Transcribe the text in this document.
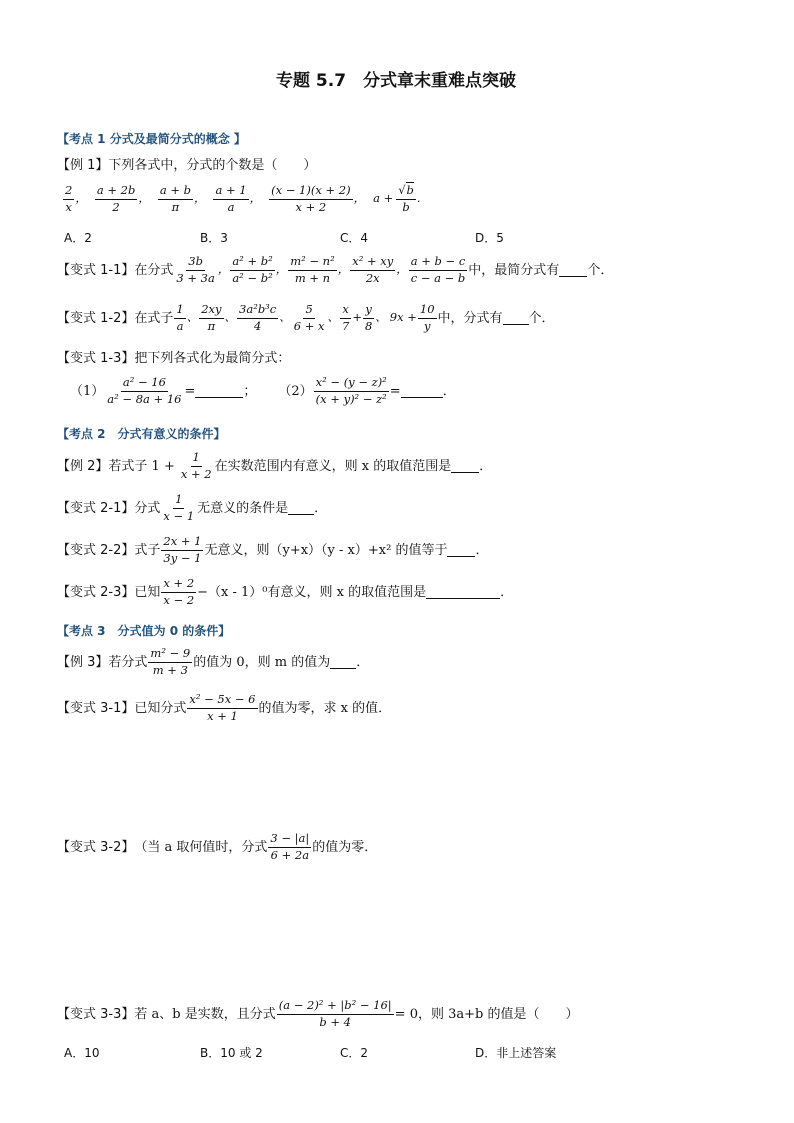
专题 5.7　分式章末重难点突破
【考点 1 分式及最简分式的概念 】
【例 1】下列各式中，分式的个数是（　　）
$\frac{2}{x}$ ， $\frac{a + 2b}{2}$ ， $\frac{a + b}{\pi}$ ， $\frac{a + 1}{a}$ ， $\frac{(x - 1)(x + 2)}{x + 2}$ ， $a + \frac{√b}{b}$ .
A．2	B．3	C．4	D．5
【变式 1-1】 在分式 $\frac{3b}{3 + 3a}$ ， $\frac{\text{a² + b²}}{\text{a² − b²}}$ ， $\frac{\text{m² − n²}}{m + n}$ ， $\frac{\text{x² + xy}}{2x}$ ， $\frac{a + b - c}{c - a - b}$ 中，最简分式有 个．
【变式 1-2】 在式子 $\frac{1}{a}$ 、 $\frac{2xy}{\pi}$ 、 $\frac{\text{3a²b³c}}{4}$ 、 $\frac{5}{6 + x}$ 、 $\frac{x}{7} + \frac{y}{8}$ 、 $9x + \frac{10}{y}$ 中，分式有 个．
【变式 1-3】把下列各式化为最简分式：
$(1) \frac{\text{a² − 16}}{\text{a² − 8a + 16}}$ =	； $(2) \frac{\text{x² − (y − z)²}}{\text{(x + y)² − z²}}$ =	．
【考点 2　分式有意义的条件】
【例 2】 若式子 $1 + \frac{1}{x + 2}$ 在实数范围内有意义，则 x 的取值范围是 ．
【变式 2-1】 分式 $\frac{1}{x - 1}$ 无意义的条件是 ．
【变式 2-2】 式子 $\frac{2x + 1}{3y - 1}$ 无意义，则（y+x）（y - x）+x² 的值等于 ．
【变式 2-3】 已知 $\frac{x + 2}{x - 2} -(x - 1)^0$有意义，则 x 的取值范围是	．
【考点 3　分式值为 0 的条件】
【例 3】 若分式 $\frac{\text{m² − 9}}{m + 3}$ 的值为 0，则 m 的值为 ．
【变式 3-1】 已知分式 $\frac{\text{x² − 5x − 6}}{x + 1}$ 的值为零，求 x 的值．
【变式 3-2】 （当 a 取何值时，分式 $\frac{3 - |a|}{6 + 2a}$ 的值为零．
【变式 3-3】 若 a、b 是实数，且分式 $\frac{\text{(a − 2)² + |b² − 16|}}{b + 4} = 0$，则 3a+b 的值是（　　）
A．10	B．10 或 2	C．2	D．非上述答案
